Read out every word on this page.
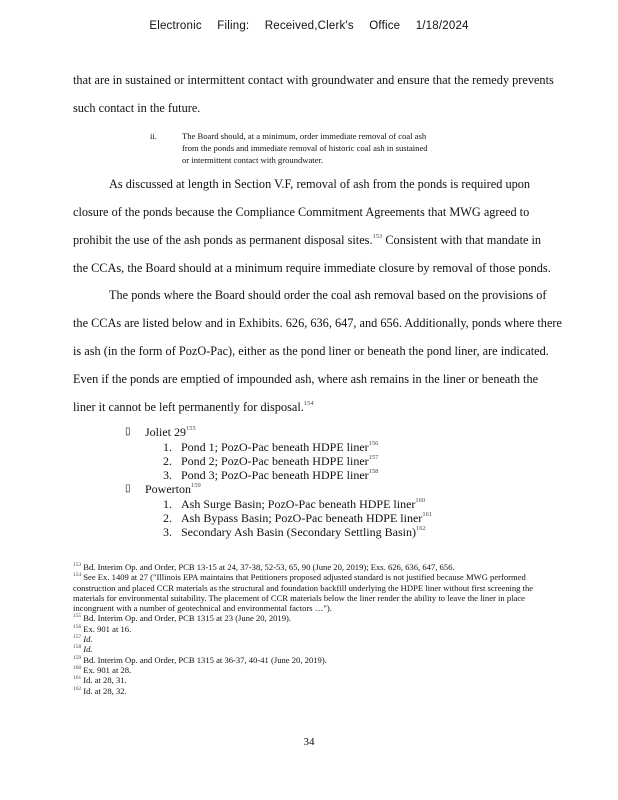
Electronic Filing: Received,Clerk's Office 1/18/2024
that are in sustained or intermittent contact with groundwater and ensure that the remedy prevents
such contact in the future.
ii.	The Board should, at a minimum, order immediate removal of coal ash
from the ponds and immediate removal of historic coal ash in sustained
or intermittent contact with groundwater.
As discussed at length in Section V.F, removal of ash from the ponds is required upon
closure of the ponds because the Compliance Commitment Agreements that MWG agreed to
prohibit the use of the ash ponds as permanent disposal sites.$^{153}$ Consistent with that mandate in
the CCAs, the Board should at a minimum require immediate closure by removal of those ponds.
The ponds where the Board should order the coal ash removal based on the provisions of
the CCAs are listed below and in Exhibits. 626, 636, 647, and 656. Additionally, ponds where there
is ash (in the form of PozO-Pac), either as the pond liner or beneath the pond liner, are indicated.
Even if the ponds are emptied of impounded ash, where ash remains in the liner or beneath the
liner it cannot be left permanently for disposal.$^{154}$
▯ Joliet $29^{155}$
1. Pond 1; PozO-Pac beneath HDPE liner$^{156}$
2. Pond 2; PozO-Pac beneath HDPE liner$^{157}$
3. Pond 3; PozO-Pac beneath HDPE liner$^{158}$
▯ Powerton$^{159}$
1. Ash Surge Basin; PozO-Pac beneath HDPE liner$^{160}$
2. Ash Bypass Basin; PozO-Pac beneath HDPE liner$^{161}$
3. Secondary Ash Basin (Secondary Settling Basin)$^{162}$

$^{153}$ Bd. Interim Op. and Order, PCB 13-15 at 24, 37-38, 52-53, 65, 90 (June 20, 2019); Exs. 626, 636, 647, 656.

$^{154}$ See Ex. 1409 at 27 ("Illinois EPA maintains that Petitioners proposed adjusted standard is not justified because MWG performed construction and placed CCR materials as the structural and foundation backfill underlying the HDPE liner without first screening the materials for environmental suitability. The placement of CCR materials below the liner render the ability to leave the liner in place incongruent with a number of geotechnical and environmental factors …").

$^{155}$ Bd. Interim Op. and Order, PCB 1315 at 23 (June 20, 2019).

$^{156}$ Ex. 901 at 16.

$^{157}$ Id.

$^{158}$ Id.

$^{159}$ Bd. Interim Op. and Order, PCB 1315 at 36-37, 40-41 (June 20, 2019).

$^{160}$ Ex. 901 at 28.

$^{161}$ Id. at 28, 31.

$^{162}$ Id. at 28, 32.

34
